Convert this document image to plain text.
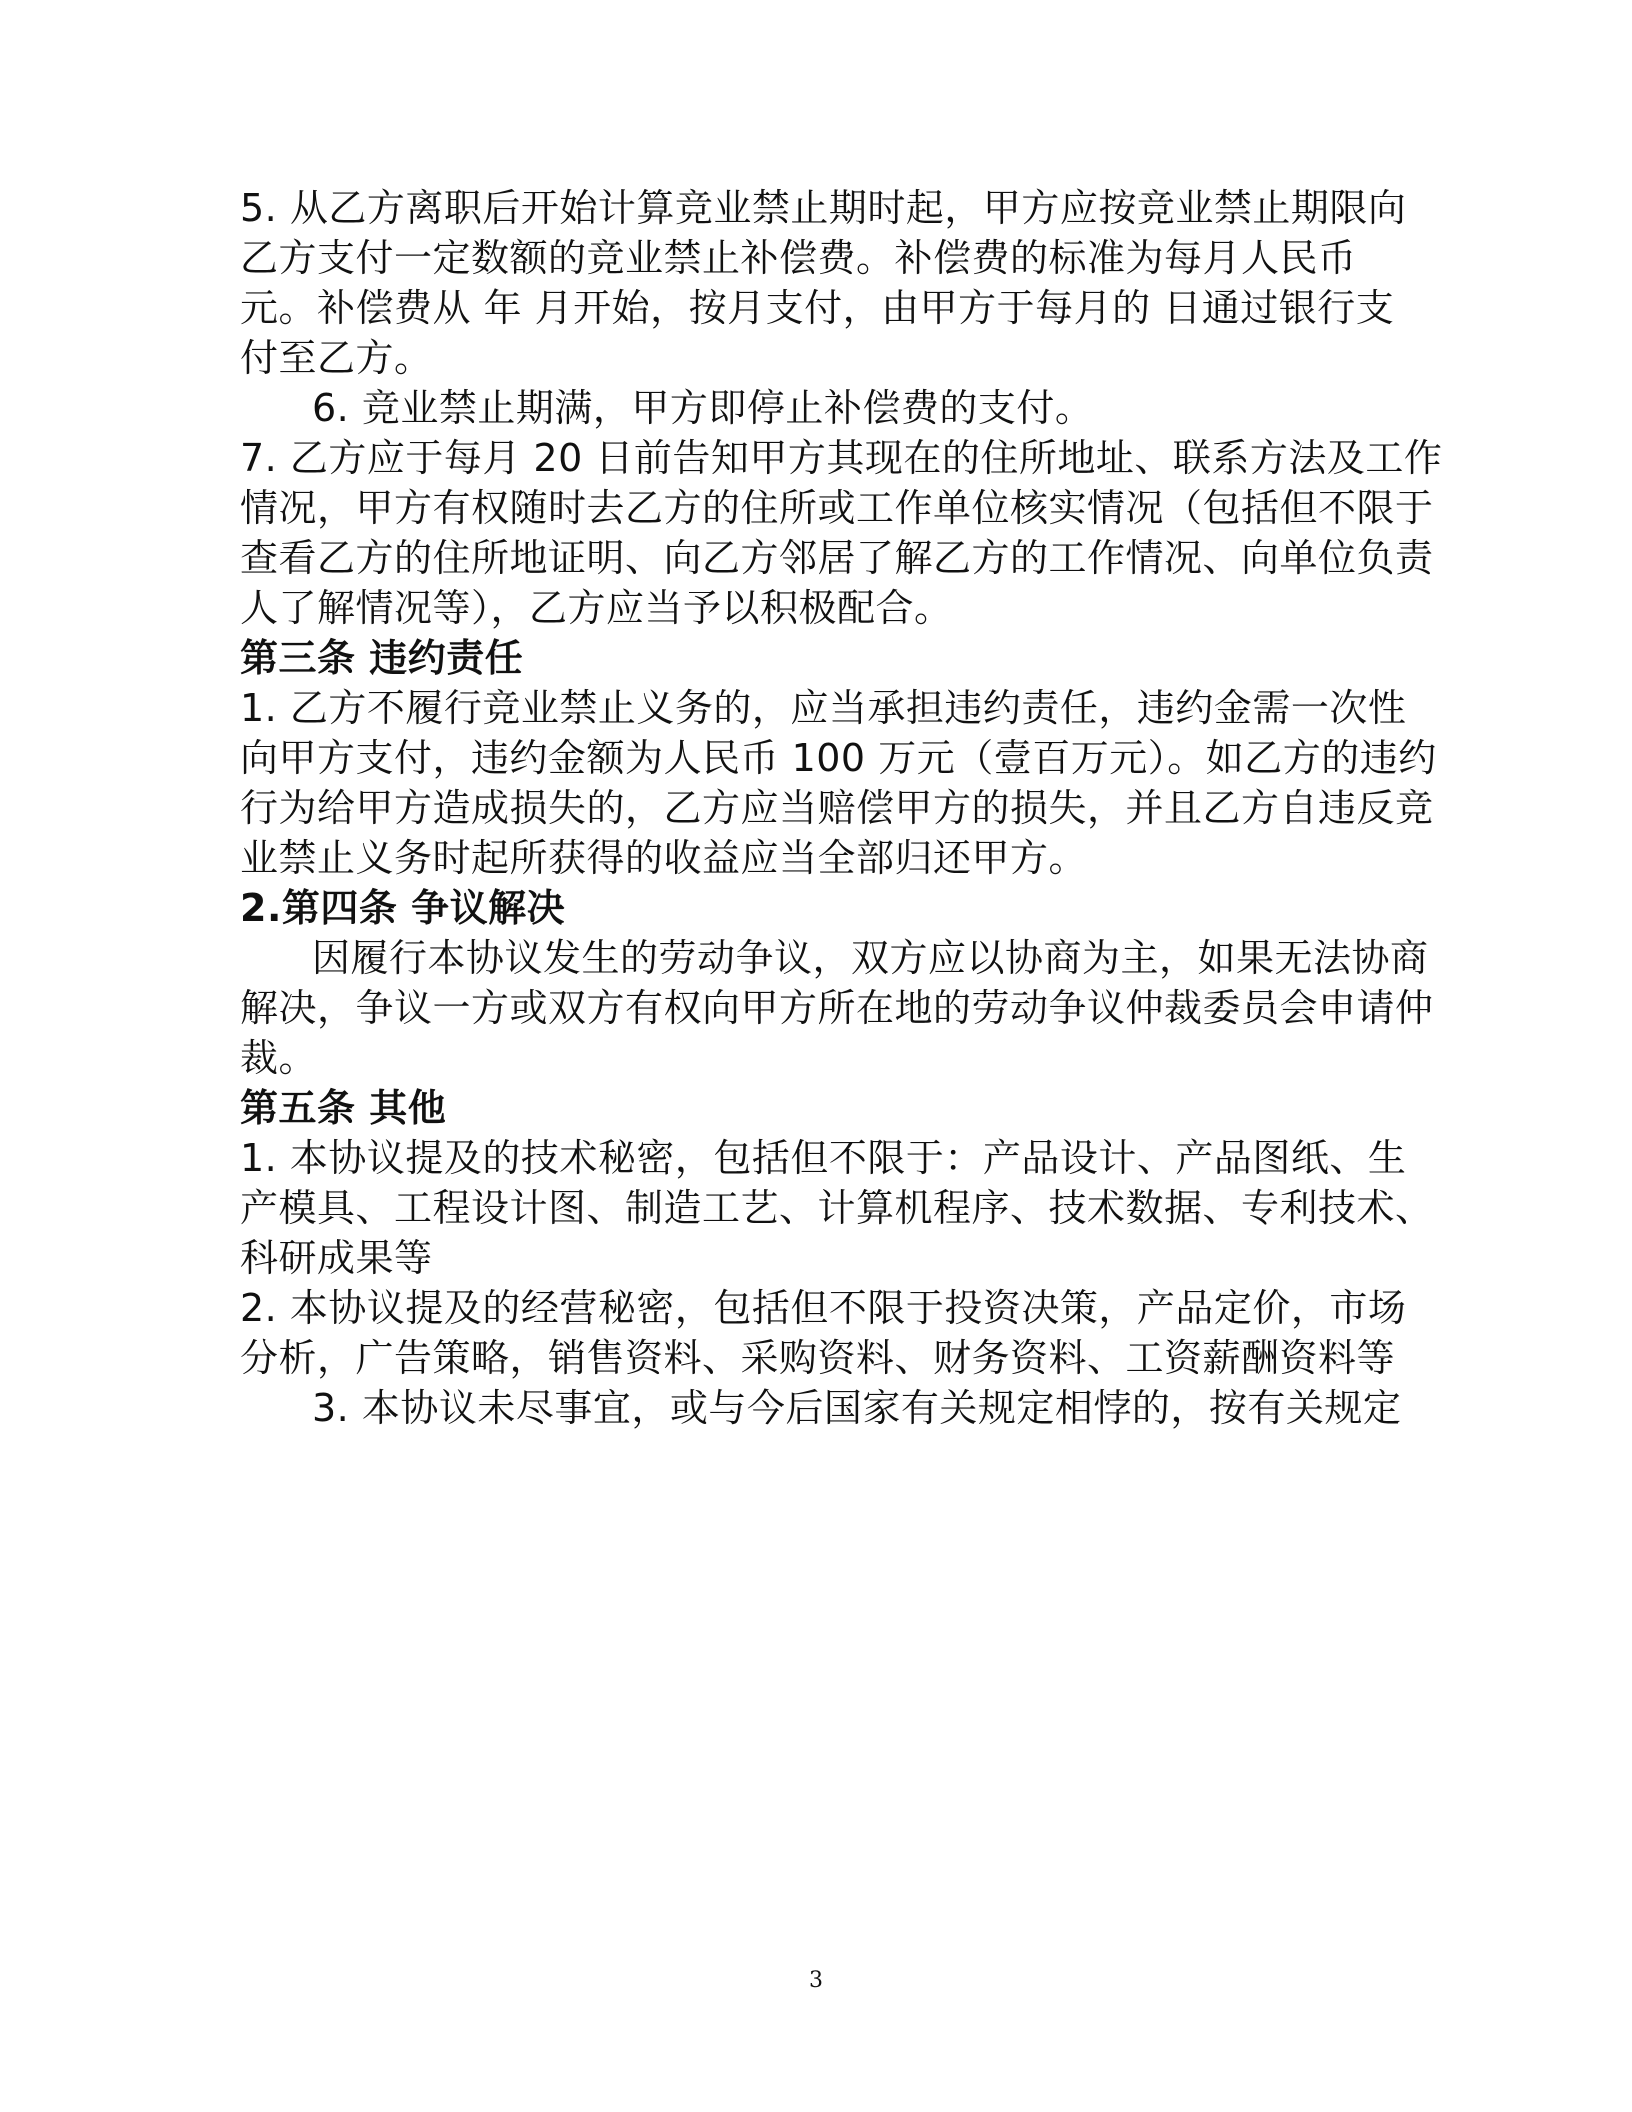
5. 从乙方离职后开始计算竞业禁止期时起，甲方应按竞业禁止期限向
乙方支付一定数额的竞业禁止补偿费。补偿费的标准为每月人民币
元。补偿费从 年 月开始，按月支付，由甲方于每月的 日通过银行支
付至乙方。
6. 竞业禁止期满，甲方即停止补偿费的支付。
7. 乙方应于每月 20 日前告知甲方其现在的住所地址、联系方法及工作
情况，甲方有权随时去乙方的住所或工作单位核实情况（包括但不限于
查看乙方的住所地证明、向乙方邻居了解乙方的工作情况、向单位负责
人了解情况等），乙方应当予以积极配合。
第三条 违约责任
1. 乙方不履行竞业禁止义务的，应当承担违约责任，违约金需一次性
向甲方支付，违约金额为人民币 100 万元（壹百万元）。如乙方的违约
行为给甲方造成损失的，乙方应当赔偿甲方的损失，并且乙方自违反竞
业禁止义务时起所获得的收益应当全部归还甲方。
2.第四条 争议解决
因履行本协议发生的劳动争议，双方应以协商为主，如果无法协商
解决，争议一方或双方有权向甲方所在地的劳动争议仲裁委员会申请仲
裁。
第五条 其他
1. 本协议提及的技术秘密，包括但不限于：产品设计、产品图纸、生
产模具、工程设计图、制造工艺、计算机程序、技术数据、专利技术、
科研成果等
2. 本协议提及的经营秘密，包括但不限于投资决策，产品定价，市场
分析，广告策略，销售资料、采购资料、财务资料、工资薪酬资料等
3. 本协议未尽事宜，或与今后国家有关规定相悖的，按有关规定
3
